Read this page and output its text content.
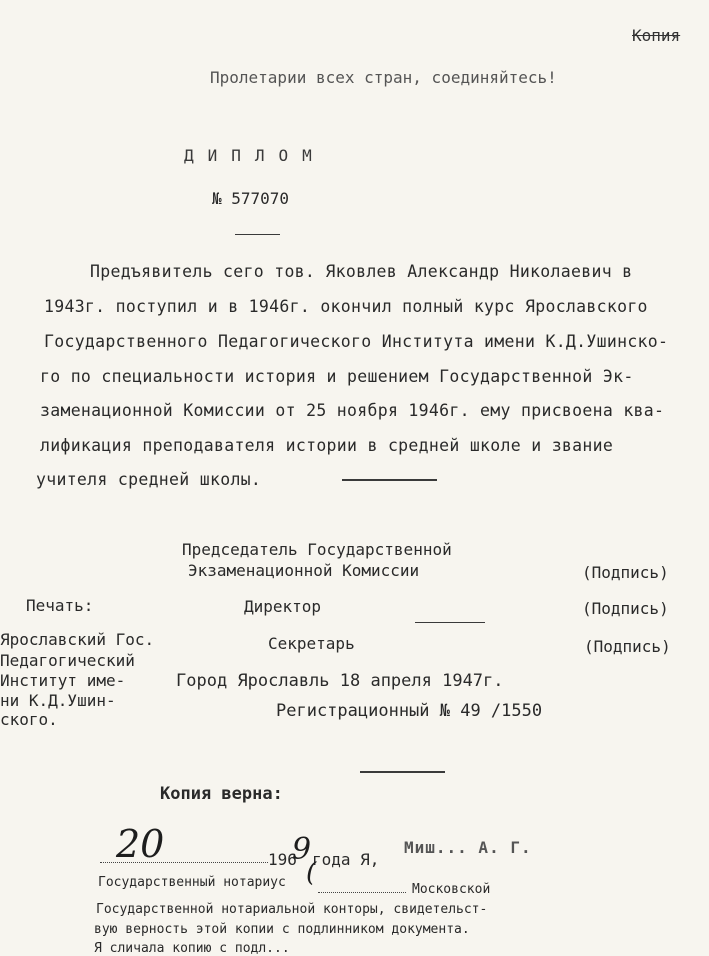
Копия
Пролетарии всех стран, соединяйтесь!
ДИПЛОМ
№ 577070
Предъявитель сего тов. Яковлев Александр Николаевич в
1943г. поступил и в 1946г. окончил полный курс Ярославского
Государственного Педагогического Института имени К.Д.Ушинско-
го по специальности история и решением Государственной Эк-
заменационной Комиссии от 25 ноября 1946г. ему присвоена ква-
лификация преподавателя истории в средней школе и звание
учителя средней школы.
Председатель Государственной
Экзаменационной Комиссии	(Подпись)
Печать:	Директор	(Подпись)
Ярославский Гос.
Педагогический
Институт име-
ни К.Д.Ушин-
ского.
Секретарь	(Подпись)
Город Ярославль 18 апреля 1947г.
Регистрационный № 49 /1550
Копия верна:
20	196
9 года Я,
Миш... А. Г.
Государственный нотариус (
Московской
Государственной нотариальной конторы, свидетельст-
вую верность этой копии с подлинником документа.
Я сличала копию с подл...
